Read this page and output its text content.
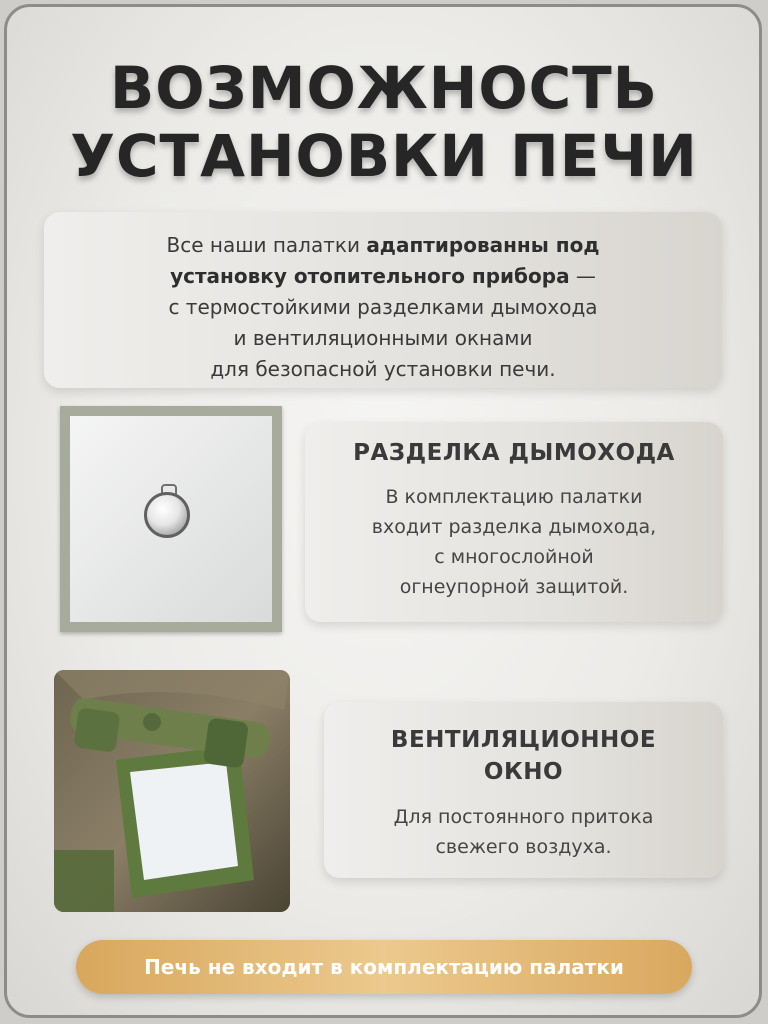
ВОЗМОЖНОСТЬ
УСТАНОВКИ ПЕЧИ
Все наши палатки адаптированны под
установку отопительного прибора —
с термостойкими разделками дымохода
и вентиляционными окнами
для безопасной установки печи.
РАЗДЕЛКА ДЫМОХОДА

В комплектацию палатки
входит разделка дымохода,
с многослойной
огнеупорной защитой.

ВЕНТИЛЯЦИОННОЕ
ОКНО

Для постоянного притока
свежего воздуха.

Печь не входит в комплектацию палатки
